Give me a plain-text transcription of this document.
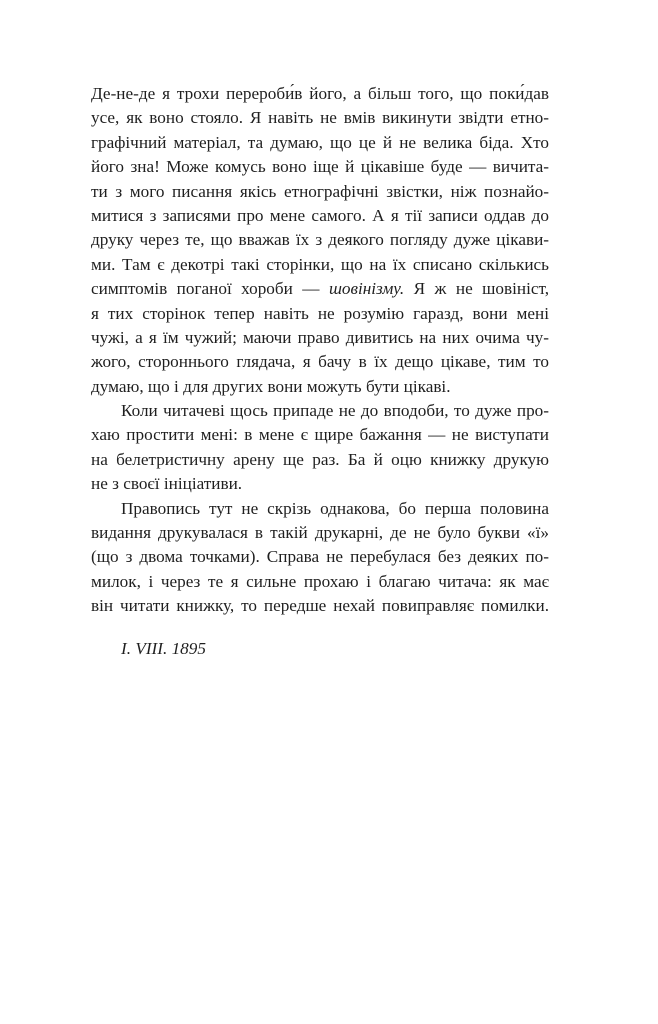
Де-не-де я трохи перероби́в його, а більш того, що поки́дав
усе, як воно стояло. Я навіть не вмів викинути звідти етно-
графічний матеріал, та думаю, що це й не велика біда. Хто
його зна! Може комусь воно іще й цікавіше буде — вичита-
ти з мого писання якісь етнографічні звістки, ніж познайо-
митися з записями про мене самого. А я тії записи оддав до
друку через те, що вважав їх з деякого погляду дуже цікави-
ми. Там є декотрі такі сторінки, що на їх списано скількись
симптомів поганої хороби — шовінізму. Я ж не шовініст,
я тих сторінок тепер навіть не розумію гаразд, вони мені
чужі, а я їм чужий; маючи право дивитись на них очима чу-
жого, стороннього глядача, я бачу в їх дещо цікаве, тим то
думаю, що і для других вони можуть бути цікаві.
Коли читачеві щось припаде не до вподоби, то дуже про-
хаю простити мені: в мене є щире бажання — не виступати
на белетристичну арену ще раз. Ба й оцю книжку друкую
не з своєї ініціативи.
Правопись тут не скрізь однакова, бо перша половина
видання друкувалася в такій друкарні, де не було букви «ї»
(що з двома точками). Справа не перебулася без деяких по-
милок, і через те я сильне прохаю і благаю читача: як має
він читати книжку, то передше нехай повиправляє помилки.
I. VIII. 1895
